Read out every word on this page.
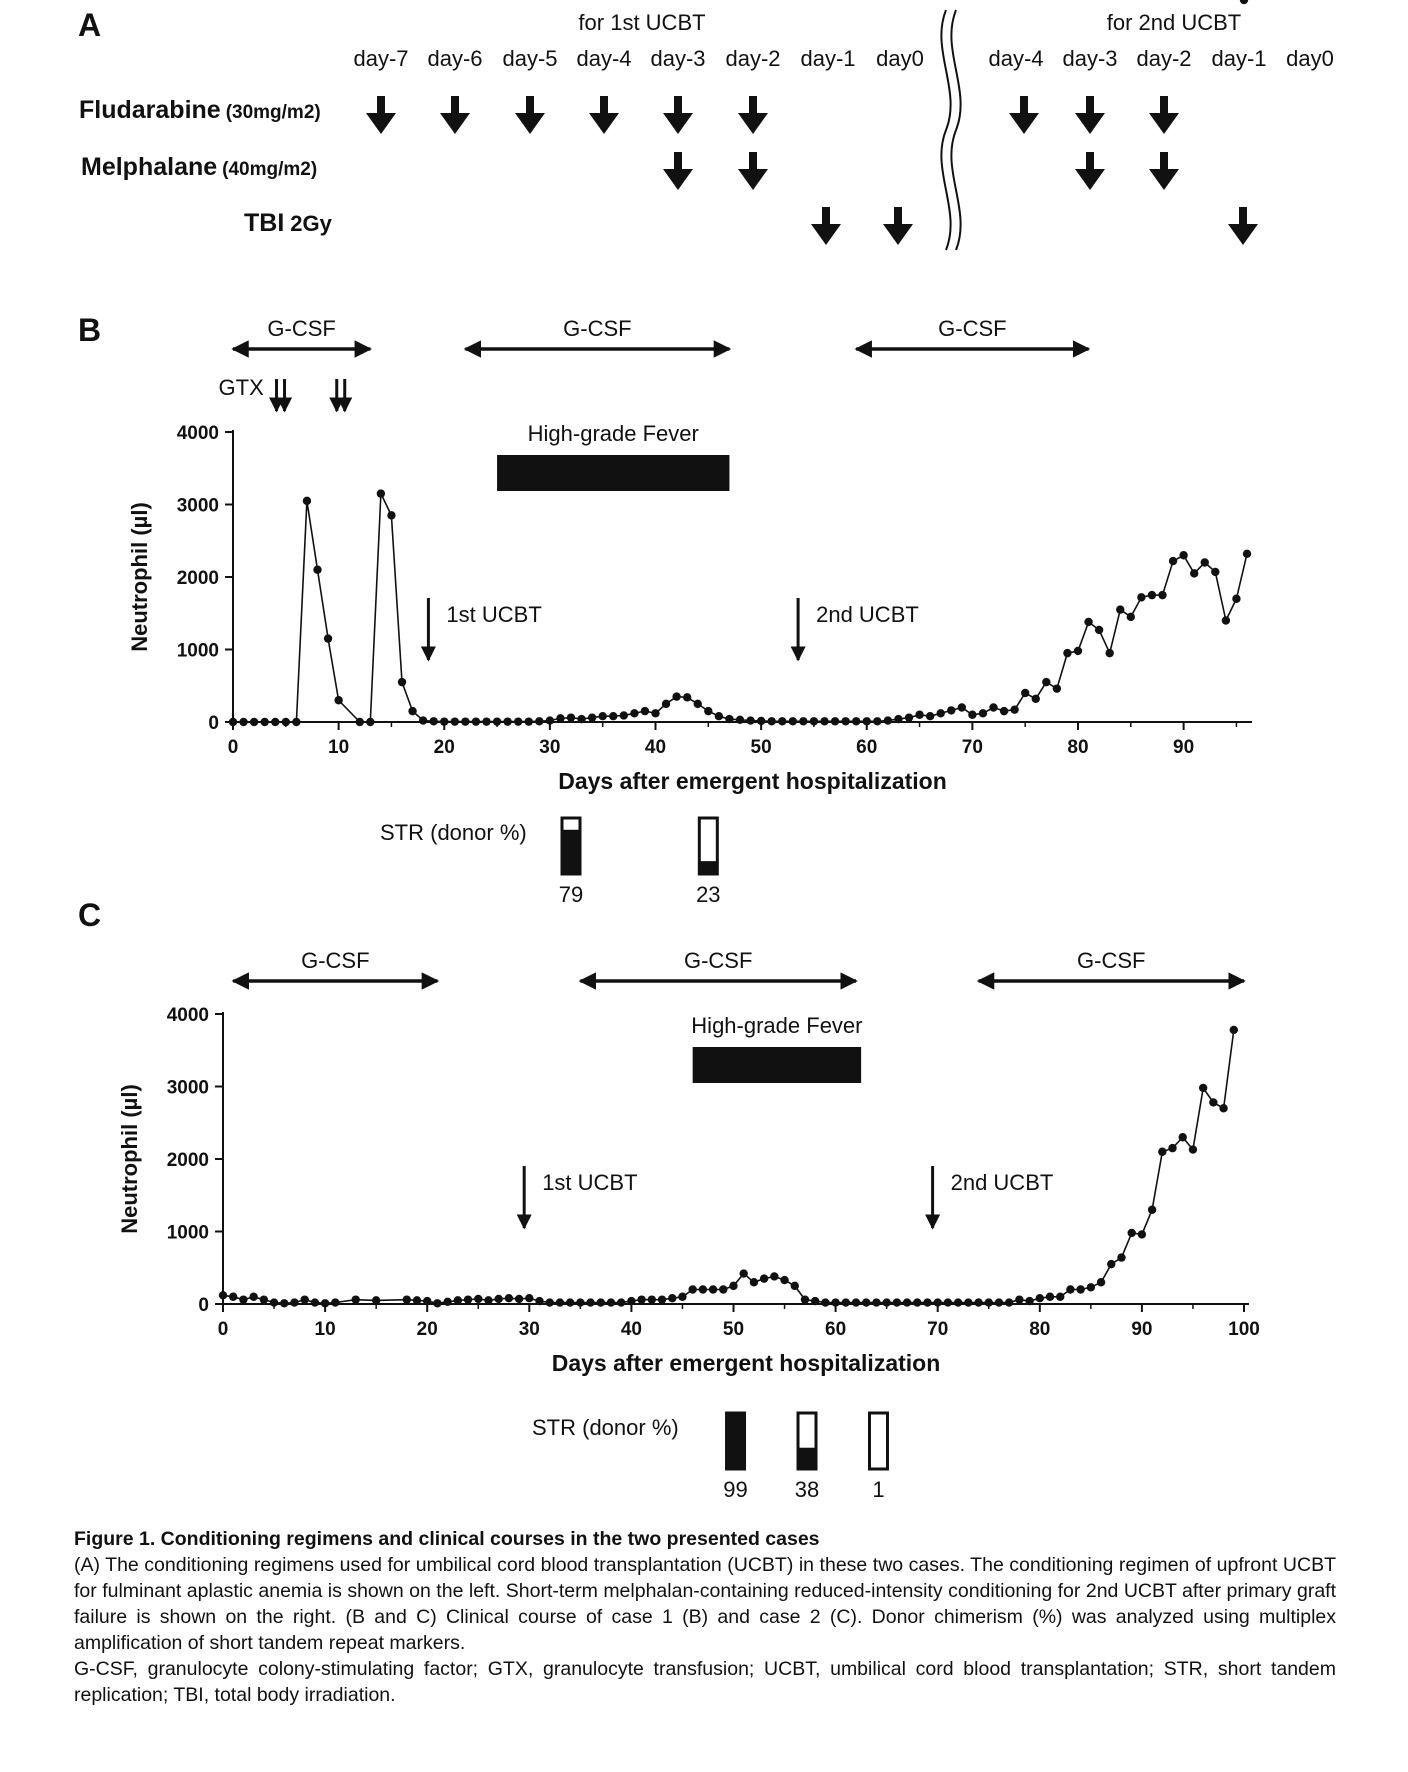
A	for 1st UCBT	for 2nd UCBT
day-7 day-6 day-5 day-4 day-3 day-2 day-1 day0	day-4 day-3 day-2 day-1 day0
Fludarabine (30mg/m2)
Melphalane (40mg/m2)
TBI 2Gy
B
0
1000
2000
3000
4000
0	10	20	30	40	50	60	70	80	90
Days after emergent hospitalization
Neutrophil (µl)
G-CSF	G-CSF	G-CSF
GTX
High-grade Fever
1st UCBT	2nd UCBT
STR (donor %)
79	23
C
0
1000
2000
3000
4000
0	10	20	30	40	50	60	70	80	90	100
Days after emergent hospitalization
Neutrophil (µl)
G-CSF	G-CSF	G-CSF
High-grade Fever
1st UCBT	2nd UCBT
STR (donor %)
99 38 1

Figure 1. Conditioning regimens and clinical courses in the two presented cases

(A) The conditioning regimens used for umbilical cord blood transplantation (UCBT) in these two cases. The conditioning regimen of upfront UCBT for fulminant aplastic anemia is shown on the left. Short-term melphalan-containing reduced-intensity conditioning for 2nd UCBT after primary graft failure is shown on the right. (B and C) Clinical course of case 1 (B) and case 2 (C). Donor chimerism (%) was analyzed using multiplex amplification of short tandem repeat markers.

G-CSF, granulocyte colony-stimulating factor; GTX, granulocyte transfusion; UCBT, umbilical cord blood transplantation; STR, short tandem replication; TBI, total body irradiation.
